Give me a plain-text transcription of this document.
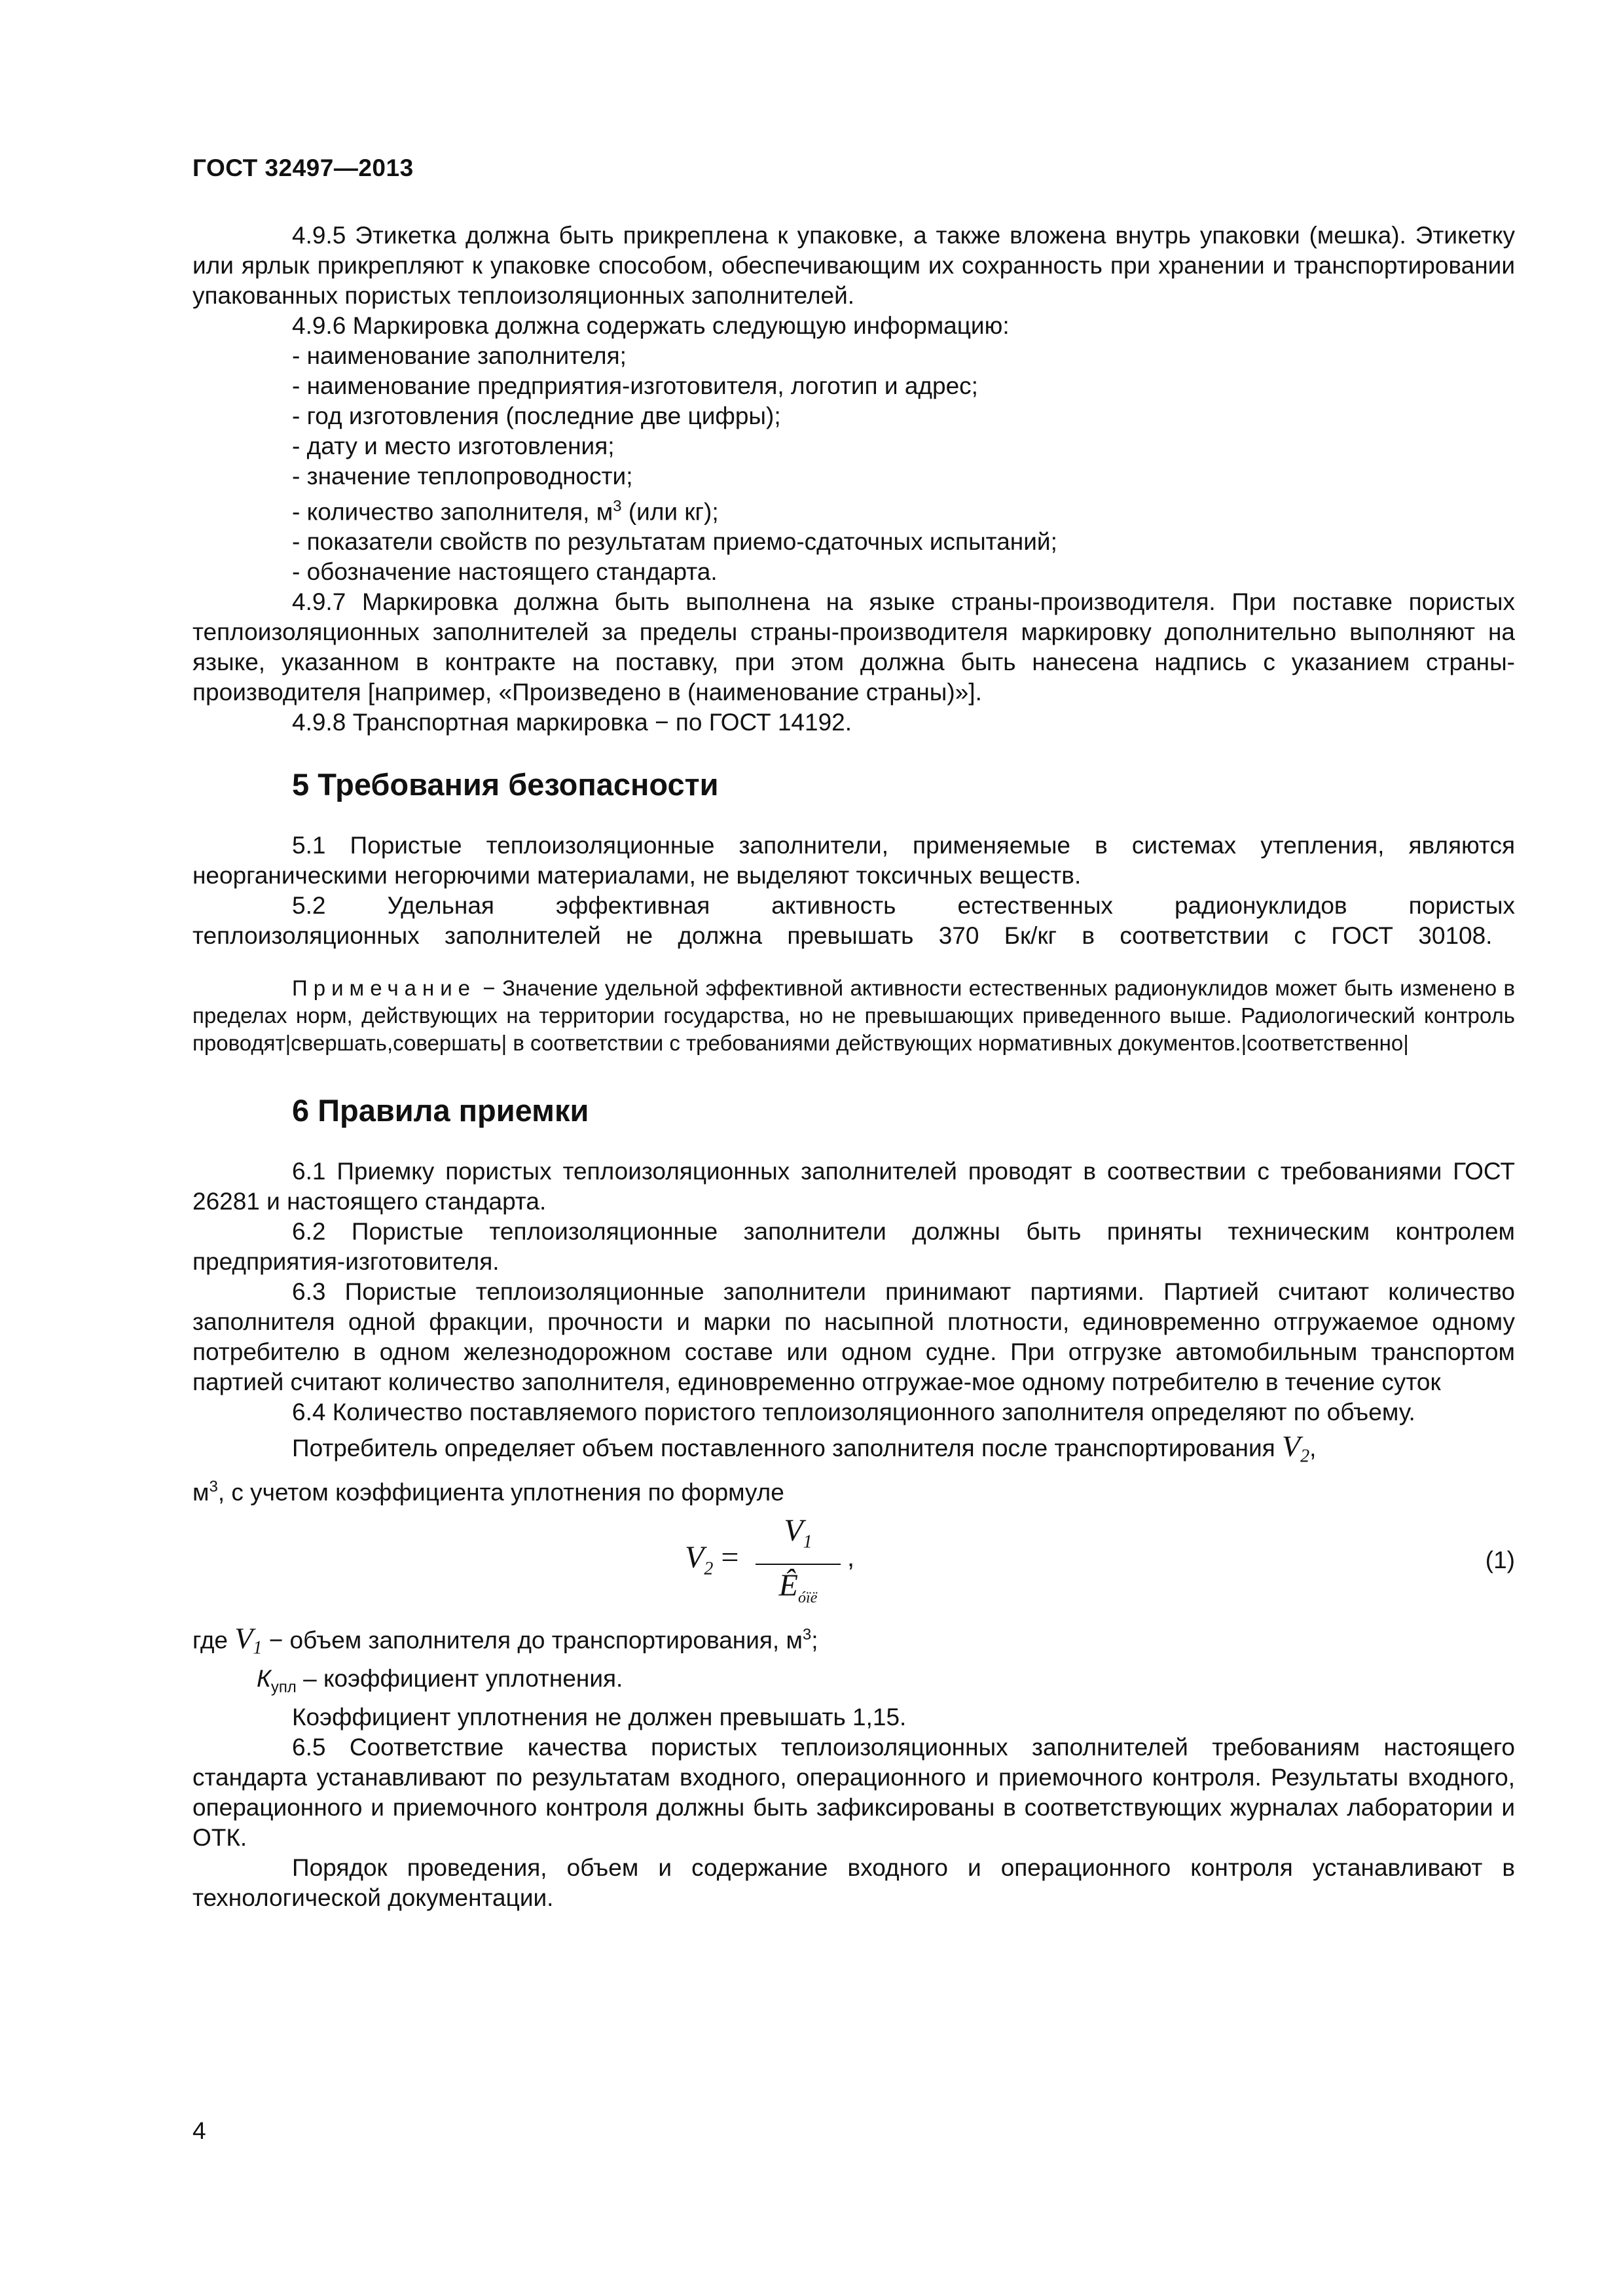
ГОСТ 32497—2013

4.9.5 Этикетка должна быть прикреплена к упаковке, а также вложена внутрь упаковки (мешка). Этикетку или ярлык прикрепляют к упаковке способом, обеспечивающим их сохранность при хранении и транспортировании упакованных пористых теплоизоляционных заполнителей.

4.9.6 Маркировка должна содержать следующую информацию:

- наименование заполнителя;

- наименование предприятия-изготовителя, логотип и адрес;

- год изготовления (последние две цифры);

- дату и место изготовления;

- значение теплопроводности;

- количество заполнителя, $м^3$ (или кг);

- показатели свойств по результатам приемо-сдаточных испытаний;

- обозначение настоящего стандарта.

4.9.7 Маркировка должна быть выполнена на языке страны-производителя. При поставке пористых теплоизоляционных заполнителей за пределы страны-производителя маркировку дополнительно выполняют на языке, указанном в контракте на поставку, при этом должна быть нанесена надпись с указанием страны-производителя [например, «Произведено в (наименование страны)»].

4.9.8 Транспортная маркировка − по ГОСТ 14192.

5 Требования безопасности

5.1 Пористые теплоизоляционные заполнители, применяемые в системах утепления, являются неорганическими негорючими материалами, не выделяют токсичных веществ.

5.2 Удельная эффективная активность естественных радионуклидов пористых теплоизоляционных заполнителей не должна превышать 370 Бк/кг в соответствии с ГОСТ 30108.

Примечание − Значение удельной эффективной активности естественных радионуклидов может быть изменено в пределах норм, действующих на территории государства, но не превышающих приведенного выше. Радиологический контроль проводят|свершать,совершать| в соответствии с требованиями действующих нормативных документов.|соответственно|

6 Правила приемки

6.1 Приемку пористых теплоизоляционных заполнителей проводят в соотвествии с требованиями ГОСТ 26281 и настоящего стандарта.

6.2 Пористые теплоизоляционные заполнители должны быть приняты техническим контролем предприятия-изготовителя.

6.3 Пористые теплоизоляционные заполнители принимают партиями. Партией считают количество заполнителя одной фракции, прочности и марки по насыпной плотности, единовременно отгружаемое одному потребителю в одном железнодорожном составе или одном судне. При отгрузке автомобильным транспортом партией считают количество заполнителя, единовременно отгружае-мое одному потребителю в течение суток

6.4 Количество поставляемого пористого теплоизоляционного заполнителя определяют по объему.

Потребитель определяет объем поставленного заполнителя после транспортирования $V_2$,

$м^3$, с учетом коэффициента уплотнения по формуле

$V_2$ =
$V_1$
$Ê_{óïë}$
,	(1)

где $V_1$ − объем заполнителя до транспортирования, $м^3$;

$К_{упл}$ – коэффициент уплотнения.

Коэффициент уплотнения не должен превышать 1,15.

6.5 Соответствие качества пористых теплоизоляционных заполнителей требованиям настоящего стандарта устанавливают по результатам входного, операционного и приемочного контроля. Результаты входного, операционного и приемочного контроля должны быть зафиксированы в соответствующих журналах лаборатории и ОТК.

Порядок проведения, объем и содержание входного и операционного контроля устанавливают в технологической документации.

4
